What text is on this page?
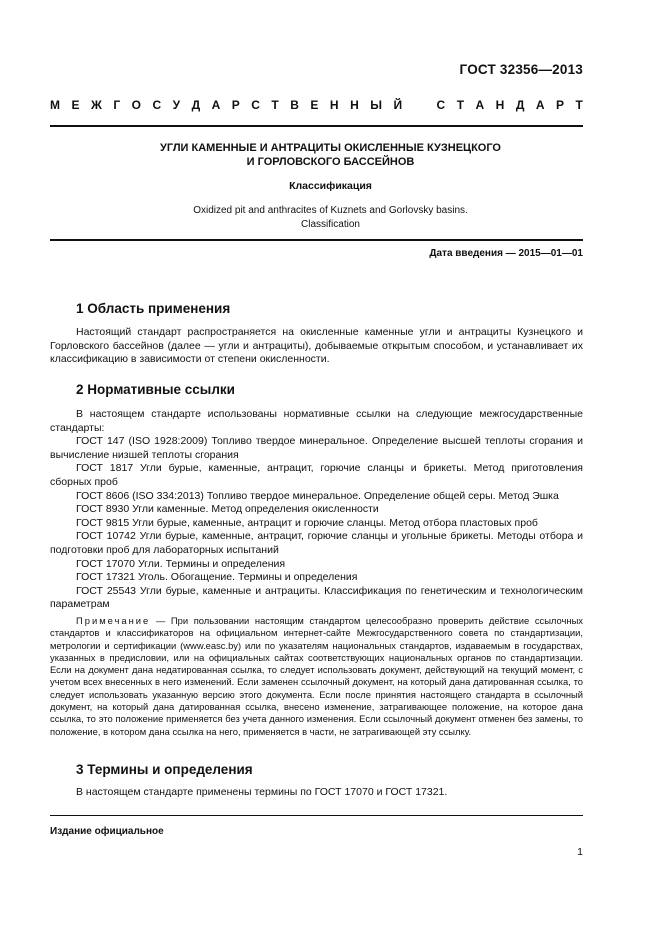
ГОСТ 32356—2013
М Е Ж Г О С У Д А Р С Т В Е Н Н Ы Й	С Т А Н Д А Р Т
УГЛИ КАМЕННЫЕ И АНТРАЦИТЫ ОКИСЛЕННЫЕ КУЗНЕЦКОГО
И ГОРЛОВСКОГО БАССЕЙНОВ
Классификация
Oxidized pit and anthracites of Kuznets and Gorlovsky basins.
Classification
Дата введения — 2015—01—01
1 Область применения
Настоящий стандарт распространяется на окисленные каменные угли и антрациты Кузнецкого и Горловского бассейнов (далее — угли и антрациты), добываемые открытым способом, и устанавливает их классификацию в зависимости от степени окисленности.
2 Нормативные ссылки

В настоящем стандарте использованы нормативные ссылки на следующие межгосударственные стандарты:

ГОСТ 147 (ISO 1928:2009) Топливо твердое минеральное. Определение высшей теплоты сгорания и вычисление низшей теплоты сгорания

ГОСТ 1817 Угли бурые, каменные, антрацит, горючие сланцы и брикеты. Метод приготовления сборных проб

ГОСТ 8606 (ISO 334:2013) Топливо твердое минеральное. Определение общей серы. Метод Эшка

ГОСТ 8930 Угли каменные. Метод определения окисленности

ГОСТ 9815 Угли бурые, каменные, антрацит и горючие сланцы. Метод отбора пластовых проб

ГОСТ 10742 Угли бурые, каменные, антрацит, горючие сланцы и угольные брикеты. Методы отбора и подготовки проб для лабораторных испытаний

ГОСТ 17070 Угли. Термины и определения

ГОСТ 17321 Уголь. Обогащение. Термины и определения

ГОСТ 25543 Угли бурые, каменные и антрациты. Классификация по генетическим и технологическим параметрам

Примечание — При пользовании настоящим стандартом целесообразно проверить действие ссылочных стандартов и классификаторов на официальном интернет-сайте Межгосударственного совета по стандартизации, метрологии и сертификации (www.easc.by) или по указателям национальных стандартов, издаваемым в государствах, указанных в предисловии, или на официальных сайтах соответствующих национальных органов по стандартизации. Если на документ дана недатированная ссылка, то следует использовать документ, действующий на текущий момент, с учетом всех внесенных в него изменений. Если заменен ссылочный документ, на который дана датированная ссылка, то следует использовать указанную версию этого документа. Если после принятия настоящего стандарта в ссылочный документ, на который дана датированная ссылка, внесено изменение, затрагивающее положение, на которое дана ссылка, то это положение применяется без учета данного изменения. Если ссылочный документ отменен без замены, то положение, в котором дана ссылка на него, применяется в части, не затрагивающей эту ссылку.
3 Термины и определения
В настоящем стандарте применены термины по ГОСТ 17070 и ГОСТ 17321.
Издание официальное
1
